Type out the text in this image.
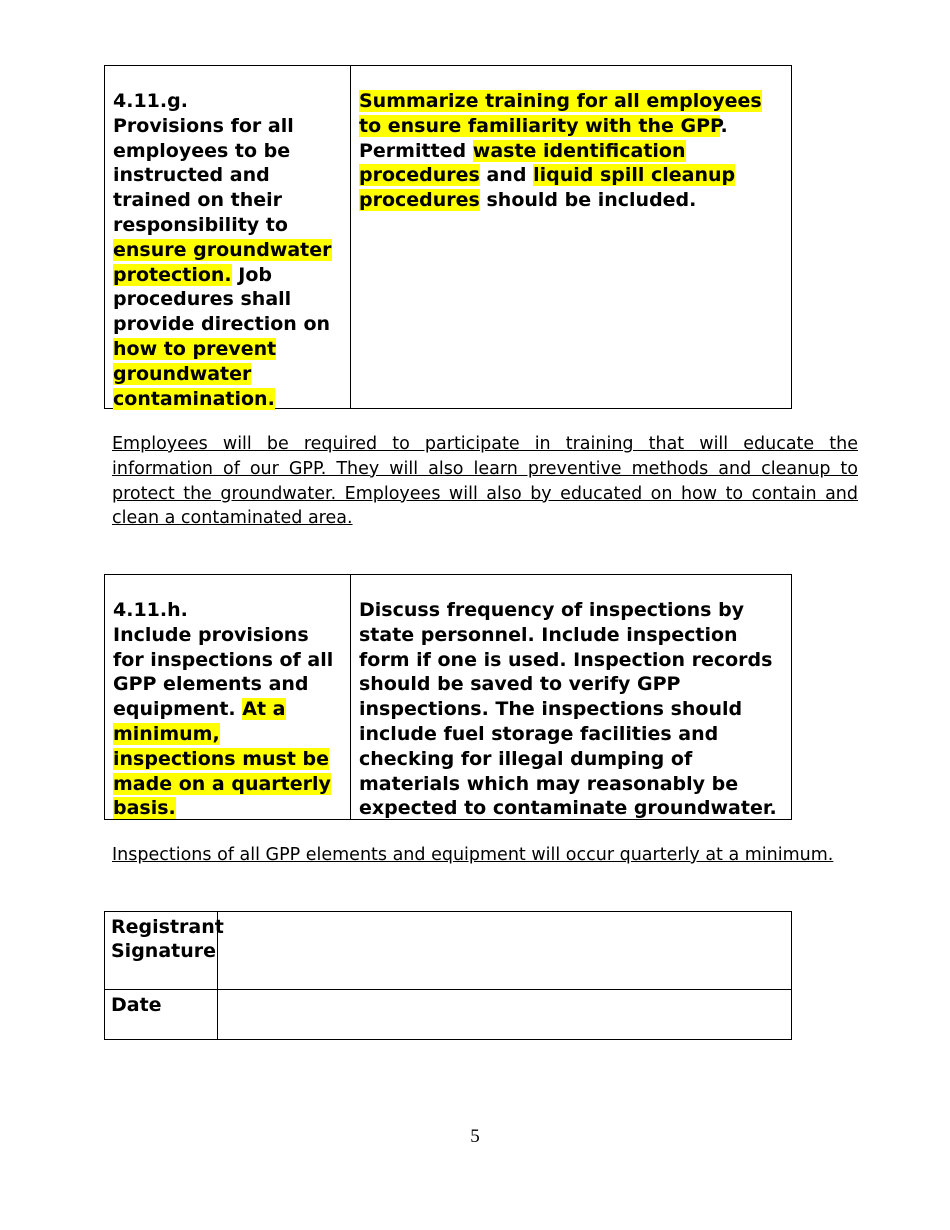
4.11.g.
Provisions for all employees to be instructed and trained on their responsibility to ensure groundwater protection. Job procedures shall provide direction on how to prevent groundwater contamination.
Summarize training for all employees to ensure familiarity with the GPP. Permitted waste identification procedures and liquid spill cleanup procedures should be included.
Employees will be required to participate in training that will educate the information of our GPP. They will also learn preventive methods and cleanup to protect the groundwater. Employees will also by educated on how to contain and clean a contaminated area.
4.11.h.
Include provisions for inspections of all GPP elements and equipment. At a minimum, inspections must be made on a quarterly basis.
Discuss frequency of inspections by state personnel. Include inspection form if one is used. Inspection records should be saved to verify GPP inspections. The inspections should include fuel storage facilities and checking for illegal dumping of materials which may reasonably be expected to contaminate groundwater.
Inspections of all GPP elements and equipment will occur quarterly at a minimum.
Registrant Signature
Date
5
